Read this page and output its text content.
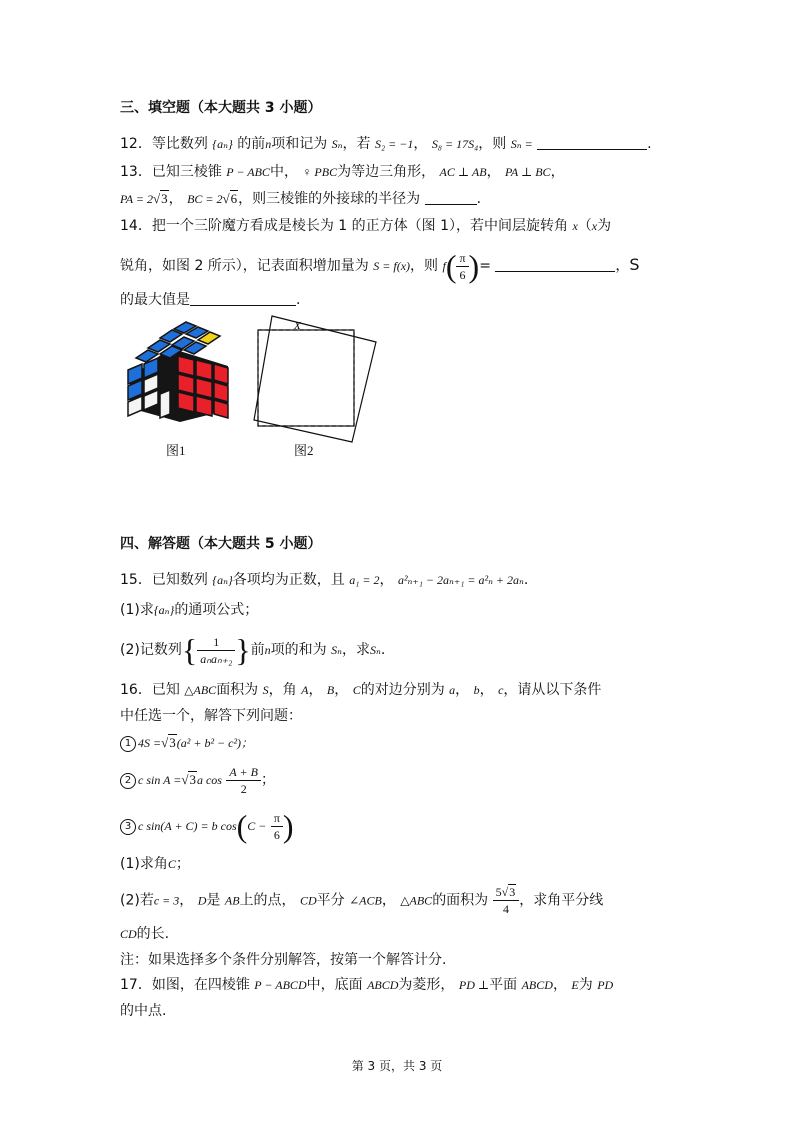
三、填空题（本大题共 3 小题）
12．等比数列 {aₙ} 的前n项和记为 Sₙ，若 S₂ = −1， S₈ = 17S₄，则 Sₙ =	.
13．已知三棱锥 P − ABC中， ♀ PBC为等边三角形， AC ⊥ AB， PA ⊥ BC，
PA = 2√3， BC = 2√6，则三棱锥的外接球的半径为	.
14．把一个三阶魔方看成是棱长为 1 的正方体（图 1），若中间层旋转角 x（x为
锐角，如图 2 所示），记表面积增加量为 S = f(x)，则 $f( \frac{\pi}{6}$ )=	，S
的最大值是	.
图1
X
图2
四、解答题（本大题共 5 小题）
15．已知数列 {aₙ}各项均为正数，且 a₁ = 2， a²ₙ₊₁ − 2aₙ₊₁ = a²ₙ + 2aₙ.
(1)求{aₙ}的通项公式；
(2)记数列{ $\frac{1}{\text{aₙaₙ₊₂}}$ }前n项的和为 Sₙ，求Sₙ.
16．已知 △ABC面积为 S，角 A， B， C的对边分别为 a， b， c，请从以下条件
中任选一个，解答下列问题：
1 4S =√3(a² + b² − c²)；
2 c sin A =√3a $\cos \frac{A + B}{2}$ ；
3 c sin(A + C) = b $\cos(C - \frac{\pi}{6}$ )
(1)求角C；
(2)若c = 3， D是 AB上的点， CD平分 ∠ACB， △ABC的面积为 $\frac{5√3}{4}$ ，求角平分线
CD的长.
注：如果选择多个条件分别解答，按第一个解答计分.
17．如图，在四棱锥 P − ABCD中，底面 ABCD为菱形， PD ⊥平面 ABCD， E为 PD
的中点.
第 3 页，共 3 页
